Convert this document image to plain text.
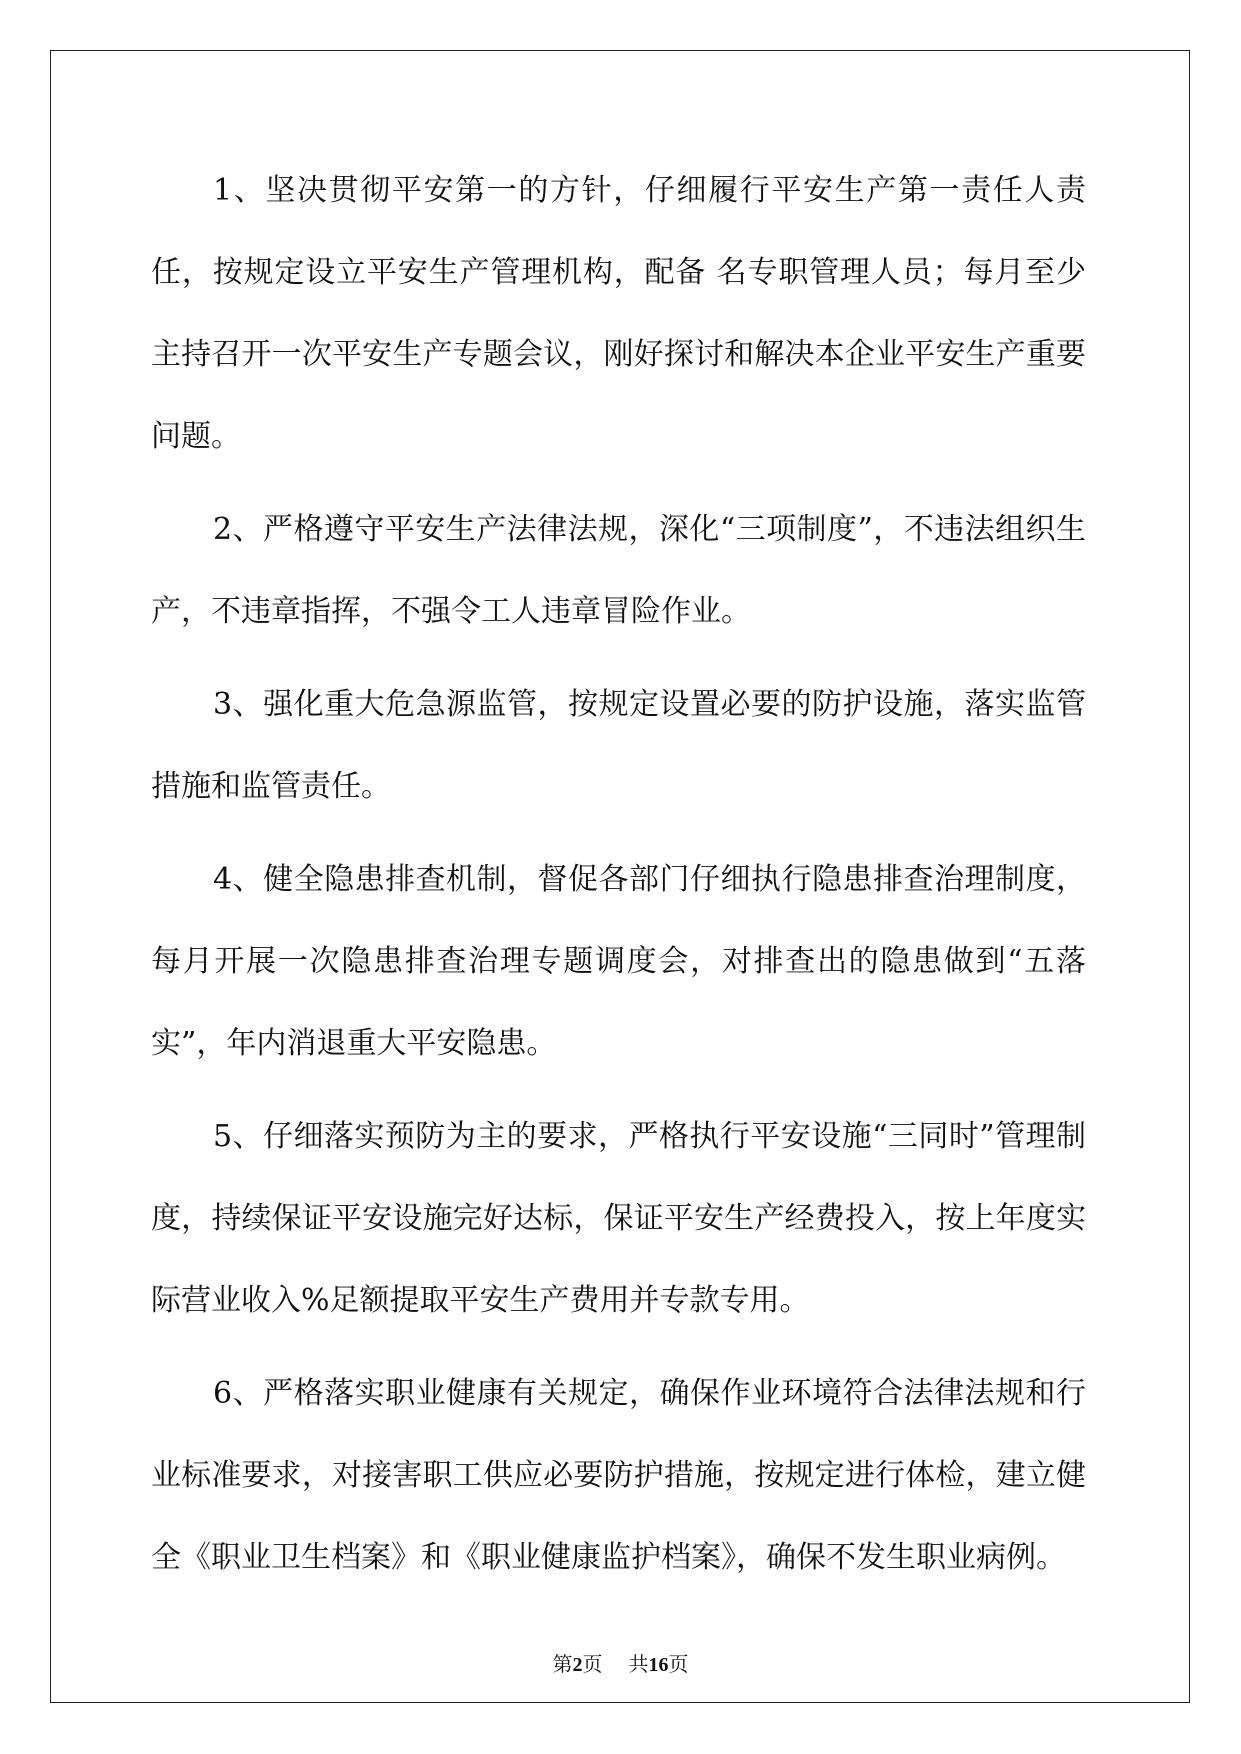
1、坚决贯彻平安第一的方针，仔细履行平安生产第一责任人责任，按规定设立平安生产管理机构，配备 名专职管理人员；每月至少主持召开一次平安生产专题会议，刚好探讨和解决本企业平安生产重要问题。

2、严格遵守平安生产法律法规，深化“三项制度”，不违法组织生产，不违章指挥，不强令工人违章冒险作业。

3、强化重大危急源监管，按规定设置必要的防护设施，落实监管措施和监管责任。

4、健全隐患排查机制，督促各部门仔细执行隐患排查治理制度，每月开展一次隐患排查治理专题调度会，对排查出的隐患做到“五落实”，年内消退重大平安隐患。

5、仔细落实预防为主的要求，严格执行平安设施“三同时”管理制度，持续保证平安设施完好达标，保证平安生产经费投入，按上年度实际营业收入%足额提取平安生产费用并专款专用。

6、严格落实职业健康有关规定，确保作业环境符合法律法规和行业标准要求，对接害职工供应必要防护措施，按规定进行体检，建立健全《职业卫生档案》和《职业健康监护档案》，确保不发生职业病例。

第2页 共16页
